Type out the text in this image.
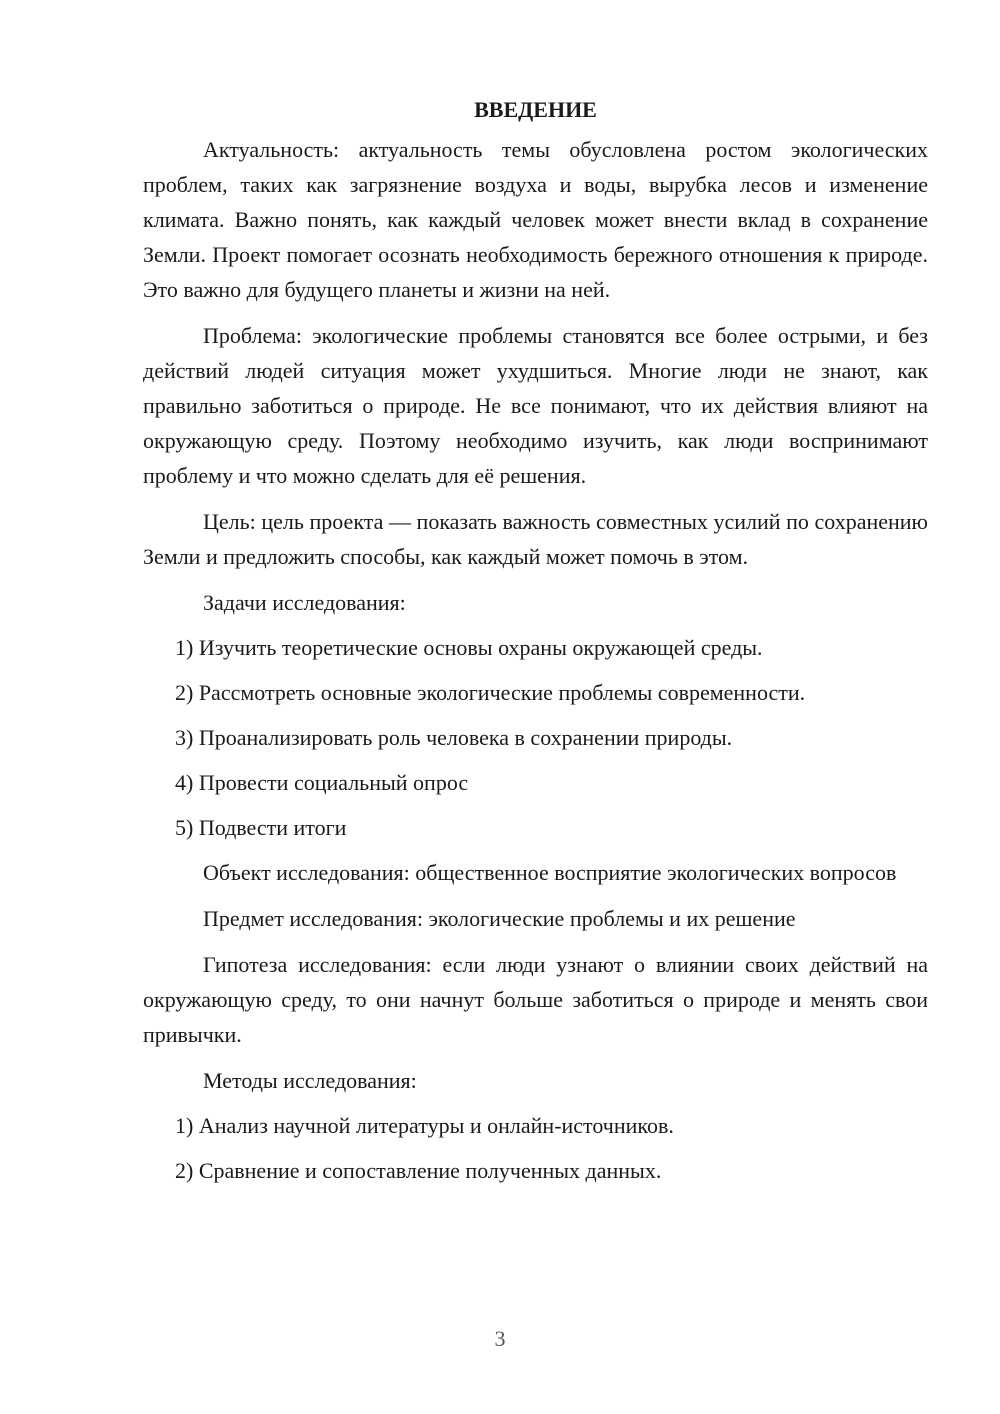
ВВЕДЕНИЕ

Актуальность: актуальность темы обусловлена ростом экологических проблем, таких как загрязнение воздуха и воды, вырубка лесов и изменение климата. Важно понять, как каждый человек может внести вклад в сохранение Земли. Проект помогает осознать необходимость бережного отношения к природе. Это важно для будущего планеты и жизни на ней.

Проблема: экологические проблемы становятся все более острыми, и без действий людей ситуация может ухудшиться. Многие люди не знают, как правильно заботиться о природе. Не все понимают, что их действия влияют на окружающую среду. Поэтому необходимо изучить, как люди воспринимают проблему и что можно сделать для её решения.

Цель: цель проекта — показать важность совместных усилий по сохранению Земли и предложить способы, как каждый может помочь в этом.

Задачи исследования:

1) Изучить теоретические основы охраны окружающей среды.

2) Рассмотреть основные экологические проблемы современности.

3) Проанализировать роль человека в сохранении природы.

4) Провести социальный опрос

5) Подвести итоги

Объект исследования: общественное восприятие экологических вопросов

Предмет исследования: экологические проблемы и их решение

Гипотеза исследования: если люди узнают о влиянии своих действий на окружающую среду, то они начнут больше заботиться о природе и менять свои привычки.

Методы исследования:

1) Анализ научной литературы и онлайн-источников.

2) Сравнение и сопоставление полученных данных.

3
